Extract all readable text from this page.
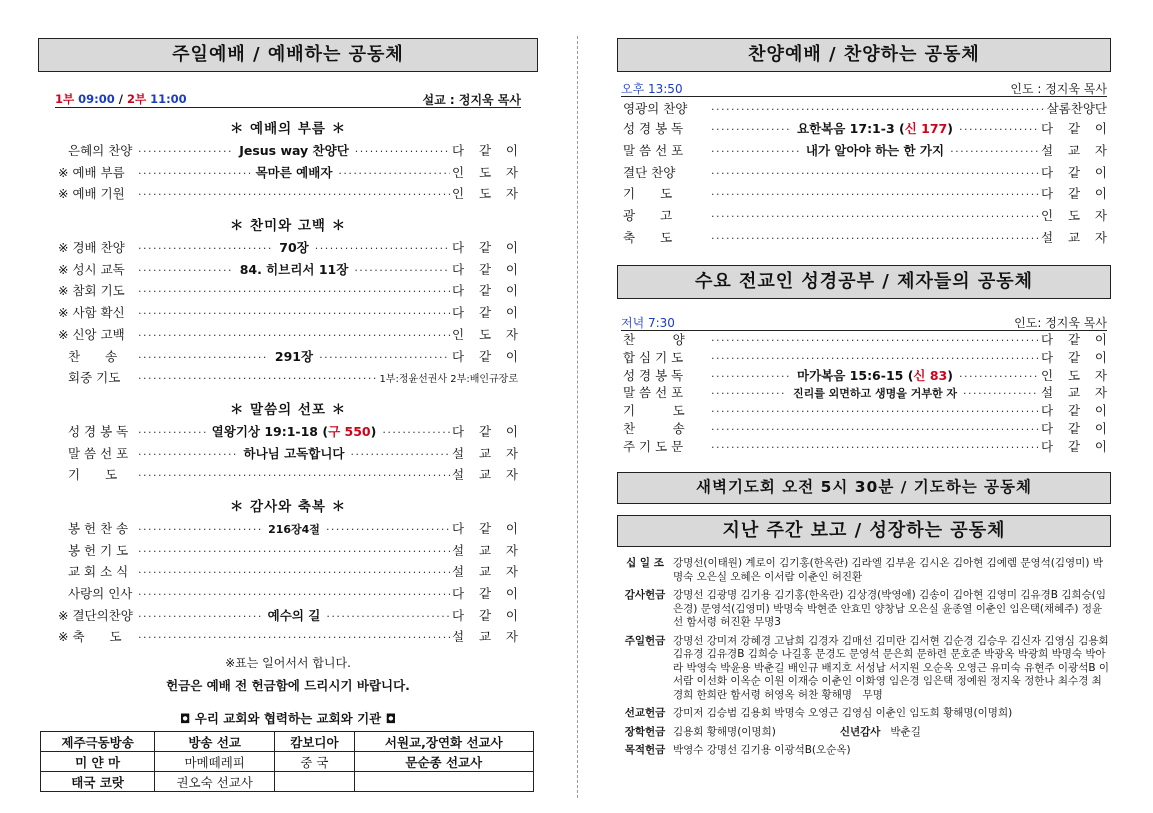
주일예배 / 예배하는 공동체
1부 09:00 / 2부 11:00	설교 : 정지욱 목사
＊ 예배의 부름 ＊
은혜의 찬양 ·····	Jesus way 찬양단 ·····	다 같 이
※ 예배 부름 ·····	목마른 예배자 ·····	인 도 자
※ 예배 기원 ·····	인 도 자
＊ 찬미와 고백 ＊
※ 경배 찬양 ·····	70장 ·····	다 같 이
※ 성시 교독 ·····	84. 히브리서 11장 ·····	다 같 이
※ 참회 기도 ·····	다 같 이
※ 사함 확신 ·····	다 같 이
※ 신앙 고백 ·····	인 도 자
찬　　송 ·····	291장 ·····	다 같 이
회중 기도 ·····	1부:정윤선권사 2부:배인규장로
＊ 말씀의 선포 ＊
성 경 봉 독 ·····	열왕기상 19:1-18 (구 550) ·····	다 같 이
말 씀 선 포 ·····	하나님 고독합니다 ·····	설 교 자
기　　도 ·····	설 교 자
＊ 감사와 축복 ＊
봉 헌 찬 송 ·····	216장4절 ·····	다 같 이
봉 헌 기 도 ·····	설 교 자
교 회 소 식 ·····	설 교 자
사랑의 인사 ·····	다 같 이
※ 결단의찬양 ·····	예수의 길 ·····	다 같 이
※ 축　　도 ·····	설 교 자
※표는 일어서서 합니다.
헌금은 예배 전 헌금함에 드리시기 바랍니다.
◘ 우리 교회와 협력하는 교회와 기관 ◘
제주극동방송	방송 선교	캄보디아	서원교,장연화 선교사
미 얀 마	마메떼레피	중 국	문순종 선교사
태국 코랏	권오숙 선교사		
찬양예배 / 찬양하는 공동체
오후 13:50	인도 : 정지욱 목사
영광의 찬양 ·····	살롬찬양단
성 경 봉 독 ·····	요한복음 17:1-3 (신 177) ·····	다 같 이
말 씀 선 포 ·····	내가 알아야 하는 한 가지 ·····	설 교 자
결단 찬양 ·····	다 같 이
기　　도 ·····	다 같 이
광　　고 ·····	인 도 자
축　　도 ·····	설 교 자
수요 전교인 성경공부 / 제자들의 공동체
저녁 7:30	인도: 정지욱 목사
찬　　　양 ·····	다 같 이
합 심 기 도 ·····	다 같 이
성 경 봉 독 ·····	마가복음 15:6-15 (신 83) ·····	인 도 자
말 씀 선 포 ·····	진리를 외면하고 생명을 거부한 자 ·····	설 교 자
기　　　도 ·····	다 같 이
찬　　　송 ·····	다 같 이
주 기 도 문 ·····	다 같 이
새벽기도회 오전 5시 30분 / 기도하는 공동체
지난 주간 보고 / 성장하는 공동체
십 일 조 강명선(이태원) 계로이 김기홍(한옥란) 김라엘 김부윤 김시온 김아현 김예렘 문영석(김영미) 박명숙 오은실 오혜은 이서람 이춘인 허진환
감사헌금 강명선 김광명 김기용 김기홍(한옥란) 김상경(박영애) 김송이 김아현 김영미 김유경B 김희승(임은경) 문영석(김영미) 박명숙 박현준 안효민 양창남 오은실 윤종열 이춘인 임은택(채혜주) 정윤선 함서령 허진환 무명3
주일헌금 강명선 강미져 강혜경 고남희 김경자 김매선 김미란 김서현 김순경 김승우 김신자 김영심 김용회 김유경 김유경B 김희승 나길홍 문경도 문영석 문은희 문하련 문호준 박광옥 박광희 박명숙 박아라 박영숙 박윤용 박춘길 배인규 배지호 서성남 서지원 오순옥 오영근 유미숙 유현주 이광석B 이서람 이선화 이옥순 이원 이재승 이춘인 이화영 임은경 임은택 정예원 정지욱 정한나 최수경 최경희 한희란 함서령 허영옥 허찬 황해명　무명
선교헌금 강미저 김승범 김용회 박명숙 오영근 김영심 이춘인 임도희 황해명(이명희)
장학헌금 김용회 황해명(이명희)	신년감사 박춘길
목적헌금 박영수 강명선 김기용 이광석B(오순옥)
